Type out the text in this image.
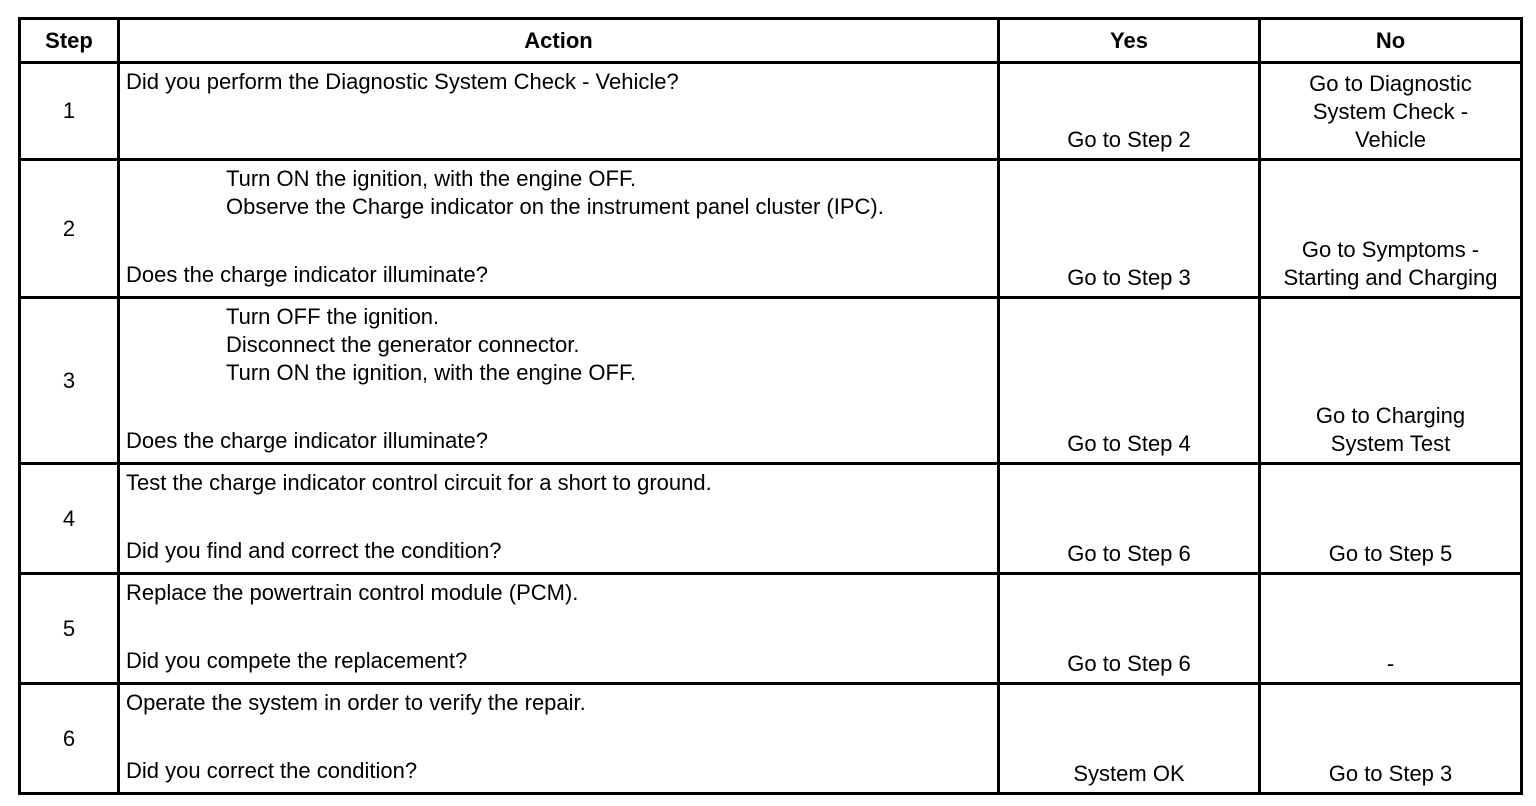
Step	Action	Yes	No
1	Did you perform the Diagnostic System Check - Vehicle?	Go to Step 2	Go to Diagnostic
System Check -
Vehicle

2	Turn ON the ignition, with the engine OFF.
Observe the Charge indicator on the instrument panel cluster (IPC).
Does the charge indicator illuminate?	Go to Step 3	Go to Symptoms -
Starting and Charging

3	Turn OFF the ignition.
Disconnect the generator connector.
Turn ON the ignition, with the engine OFF.
Does the charge indicator illuminate?	Go to Step 4	Go to Charging
System Test

4	Test the charge indicator control circuit for a short to ground.
Did you find and correct the condition?	Go to Step 6	Go to Step 5

5	Replace the powertrain control module (PCM).
Did you compete the replacement?	Go to Step 6	-

6	Operate the system in order to verify the repair.
Did you correct the condition?	System OK	Go to Step 3
